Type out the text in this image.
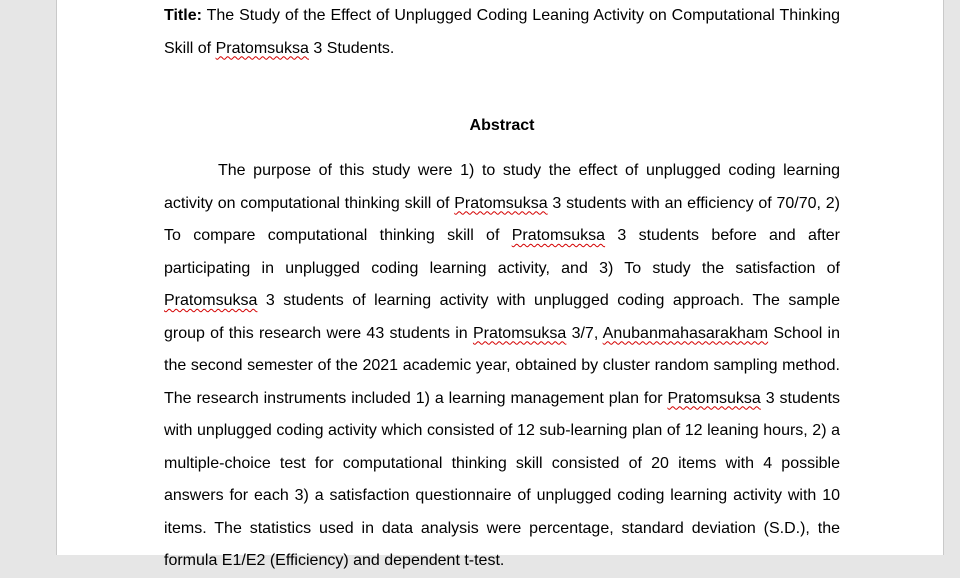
Title: The Study of the Effect of Unplugged Coding Leaning Activity on Computational Thinking Skill of Pratomsuksa 3 Students.
Abstract
The purpose of this study were 1) to study the effect of unplugged coding learning activity on computational thinking skill of Pratomsuksa 3 students with an efficiency of 70/70, 2) To compare computational thinking skill of Pratomsuksa 3 students before and after participating in unplugged coding learning activity, and 3) To study the satisfaction of Pratomsuksa 3 students of learning activity with unplugged coding approach. The sample group of this research were 43 students in Pratomsuksa 3/7, Anubanmahasarakham School in the second semester of the 2021 academic year, obtained by cluster random sampling method. The research instruments included 1) a learning management plan for Pratomsuksa 3 students with unplugged coding activity which consisted of 12 sub-learning plan of 12 leaning hours, 2) a multiple-choice test for computational thinking skill consisted of 20 items with 4 possible answers for each 3) a satisfaction questionnaire of unplugged coding learning activity with 10 items. The statistics used in data analysis were percentage, standard deviation (S.D.), the formula E1/E2 (Efficiency) and dependent t-test.
